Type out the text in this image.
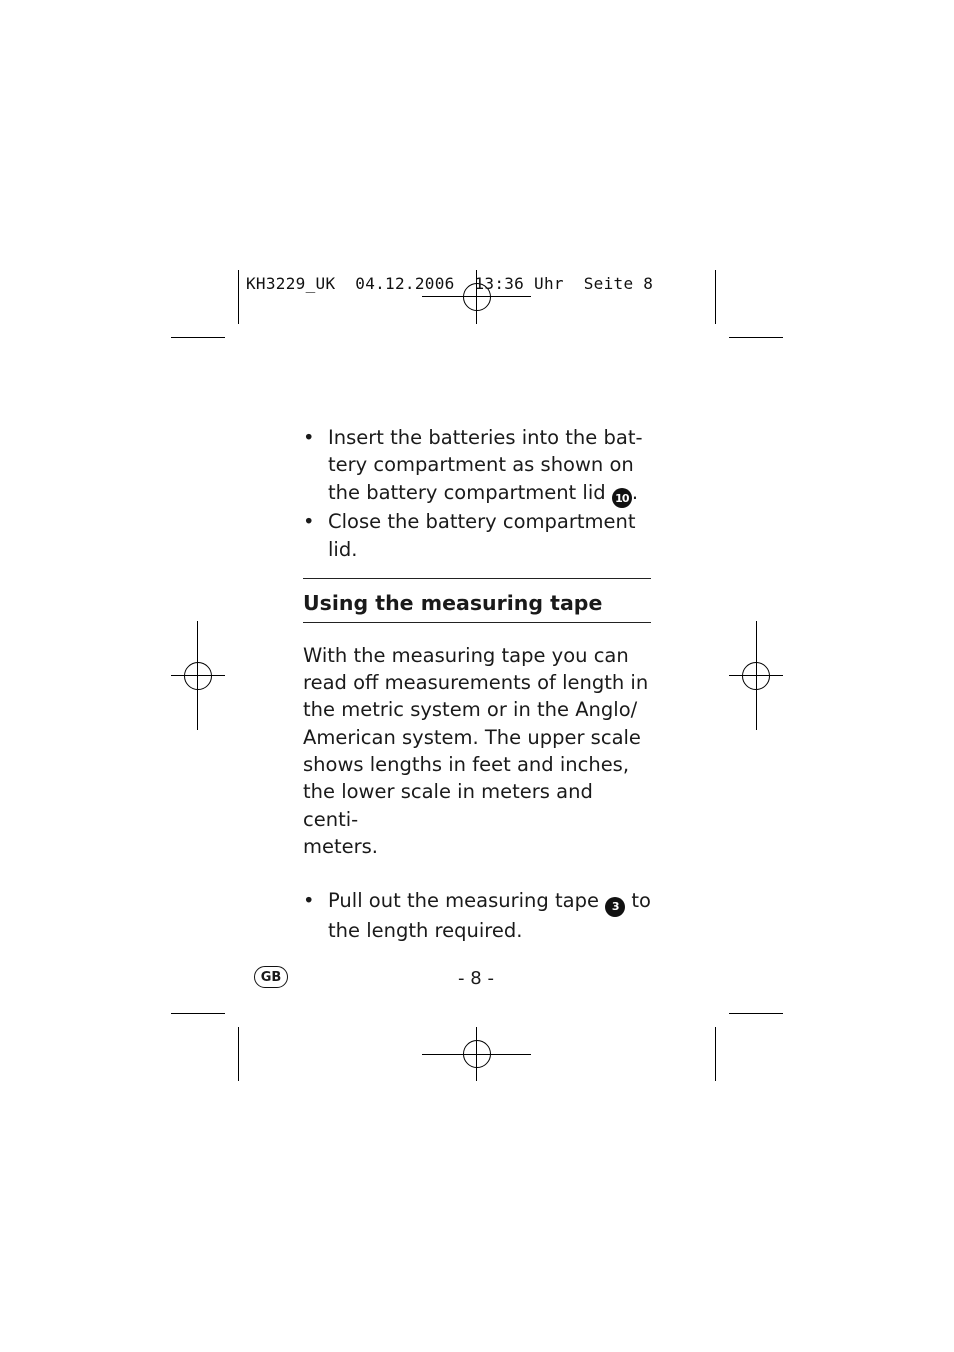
KH3229_UK  04.12.2006  13:36 Uhr  Seite 8

• Insert the batteries into the bat-
tery compartment as shown on
the battery compartment lid 10 .

• Close the battery compartment lid.

Using the measuring tape

With the measuring tape you can
read off measurements of length in
the metric system or in the Anglo/
American system. The upper scale
shows lengths in feet and inches,
the lower scale in meters and centi-
meters.

• Pull out the measuring tape 3 to
the length required.

GB	- 8 -
